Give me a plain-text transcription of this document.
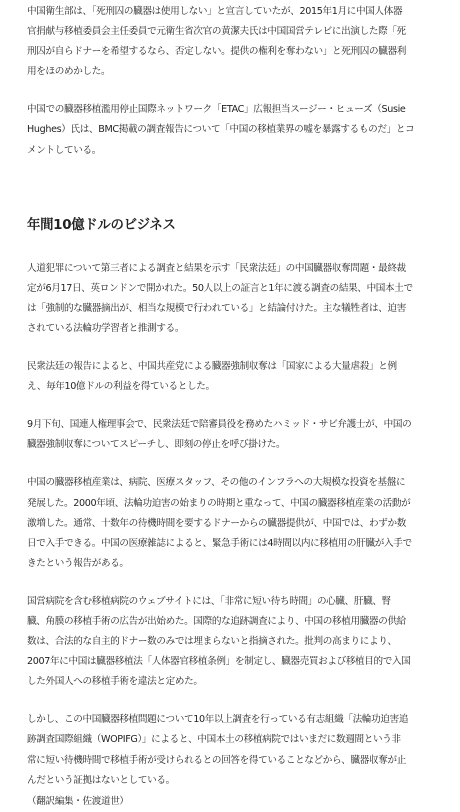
中国衛生部は、「死刑囚の臓器は使用しない」と宣言していたが、2015年1月に中国人体器
官捐献与移植委員会主任委員で元衛生省次官の黄潔夫氏は中国国営テレビに出演した際「死
刑囚が自らドナーを希望するなら、否定しない。提供の権利を奪わない」と死刑囚の臓器利
用をほのめかした。
中国での臓器移植濫用停止国際ネットワーク「ETAC」広報担当スージー・ヒューズ（Susie
Hughes）氏は、BMC掲載の調査報告について「中国の移植業界の嘘を暴露するものだ」とコ
メントしている。
年間10億ドルのビジネス
人道犯罪について第三者による調査と結果を示す「民衆法廷」の中国臓器収奪問題・最終裁
定が6月17日、英ロンドンで開かれた。50人以上の証言と1年に渡る調査の結果、中国本土で
は「強制的な臓器摘出が、相当な規模で行われている」と結論付けた。主な犠牲者は、迫害
されている法輪功学習者と推測する。
民衆法廷の報告によると、中国共産党による臓器強制収奪は「国家による大量虐殺」と例
え、毎年10億ドルの利益を得ているとした。
9月下旬、国連人権理事会で、民衆法廷で陪審員役を務めたハミッド・サビ弁護士が、中国の
臓器強制収奪についてスピーチし、即刻の停止を呼び掛けた。
中国の臓器移植産業は、病院、医療スタッフ、その他のインフラへの大規模な投資を基盤に
発展した。2000年頃、法輪功迫害の始まりの時期と重なって、中国の臓器移植産業の活動が
激増した。通常、十数年の待機時間を要するドナーからの臓器提供が、中国では、わずか数
日で入手できる。中国の医療雑誌によると、緊急手術には4時間以内に移植用の肝臓が入手で
きたという報告がある。
国営病院を含む移植病院のウェブサイトには、「非常に短い待ち時間」の心臓、肝臓、腎
臓、角膜の移植手術の広告が出始めた。国際的な追跡調査により、中国の移植用臓器の供給
数は、合法的な自主的ドナー数のみでは埋まらないと指摘された。批判の高まりにより、
2007年に中国は臓器移植法「人体器官移植条例」を制定し、臓器売買および移植目的で入国
した外国人への移植手術を違法と定めた。
しかし、この中国臓器移植問題について10年以上調査を行っている有志組織「法輪功迫害追
跡調査国際組織（WOPIFG）」によると、中国本土の移植病院ではいまだに数週間という非
常に短い待機時間で移植手術が受けられるとの回答を得ていることなどから、臓器収奪が止
んだという証拠はないとしている。
（翻訳編集・佐渡道世）
